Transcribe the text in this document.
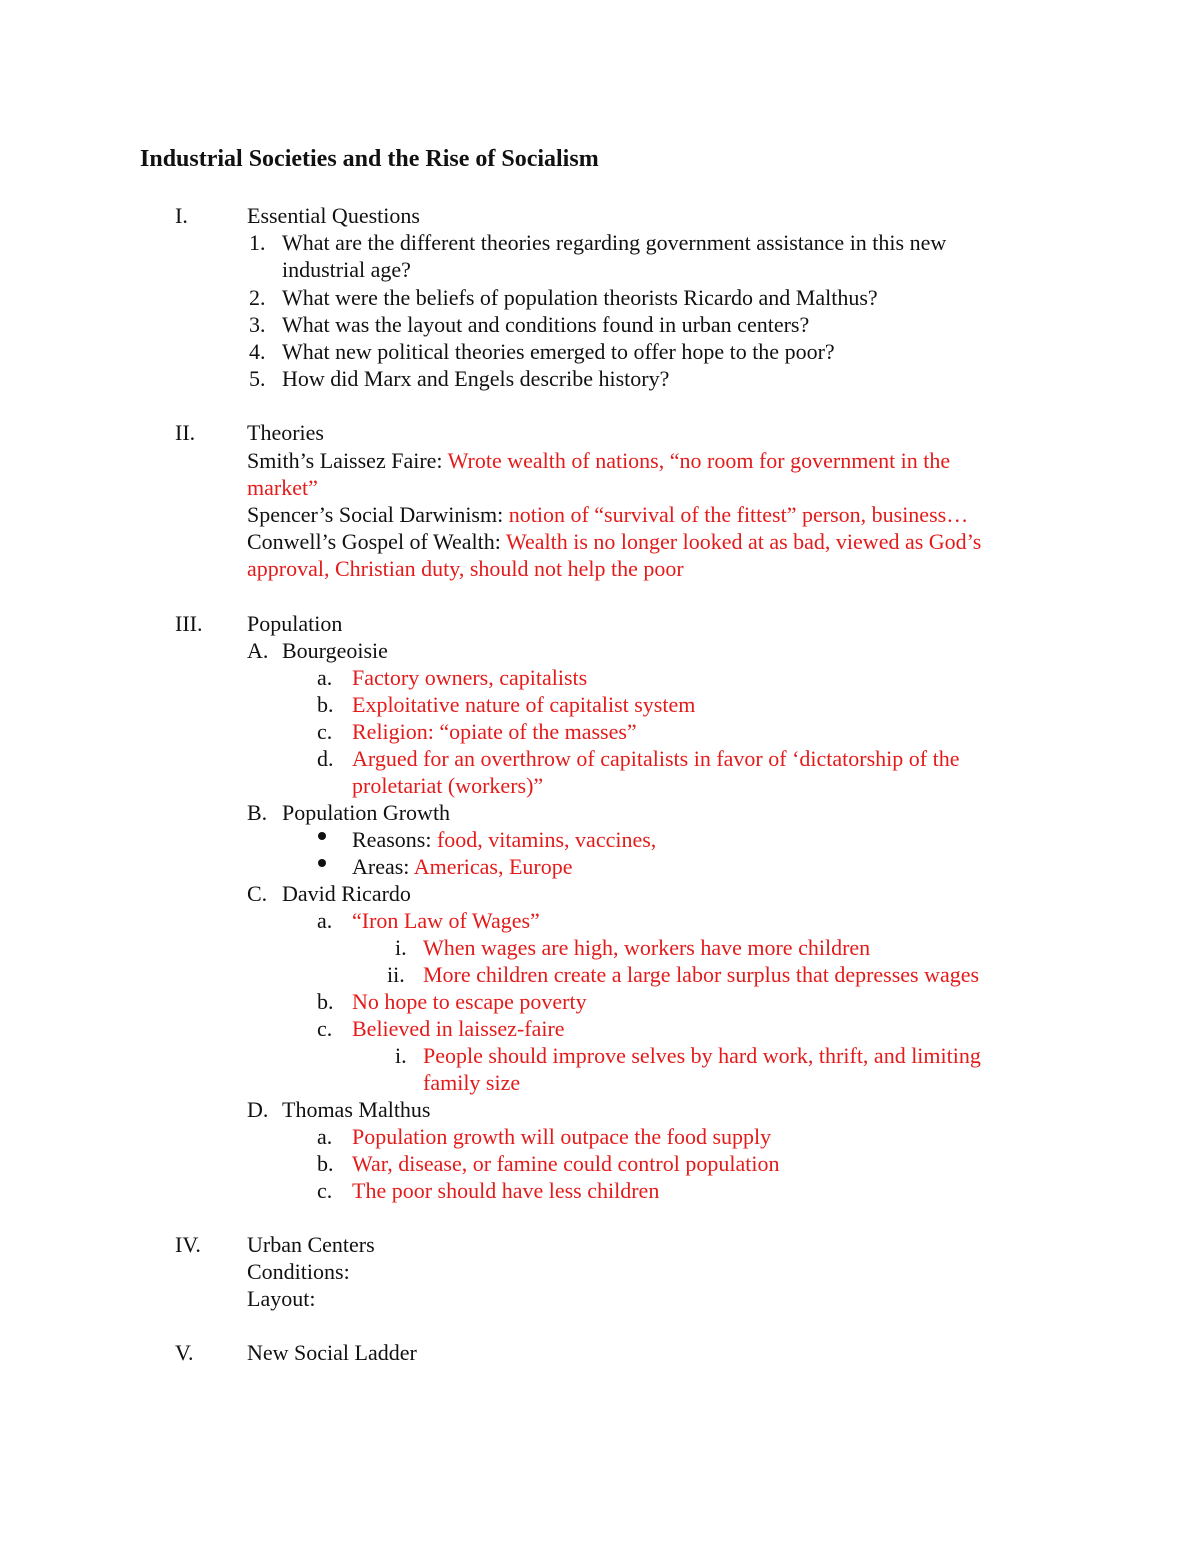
Industrial Societies and the Rise of Socialism
I.	Essential Questions
1. What are the different theories regarding government assistance in this new
industrial age?
2. What were the beliefs of population theorists Ricardo and Malthus?
3. What was the layout and conditions found in urban centers?
4. What new political theories emerged to offer hope to the poor?
5. How did Marx and Engels describe history?
II. Theories
Smith’s Laissez Faire: Wrote wealth of nations, “no room for government in the
market”
Spencer’s Social Darwinism: notion of “survival of the fittest” person, business…
Conwell’s Gospel of Wealth: Wealth is no longer looked at as bad, viewed as God’s
approval, Christian duty, should not help the poor
III. Population
A. Bourgeoisie
a. Factory owners, capitalists
b. Exploitative nature of capitalist system
c. Religion: “opiate of the masses”
d. Argued for an overthrow of capitalists in favor of ‘dictatorship of the
proletariat (workers)”
B. Population Growth
Reasons: food, vitamins, vaccines,
Areas: Americas, Europe
C. David Ricardo
a. “Iron Law of Wages”
i. When wages are high, workers have more children
ii. More children create a large labor surplus that depresses wages
b. No hope to escape poverty
c. Believed in laissez-faire
i. People should improve selves by hard work, thrift, and limiting
family size
D. Thomas Malthus
a. Population growth will outpace the food supply
b. War, disease, or famine could control population
c. The poor should have less children
IV. Urban Centers
Conditions:
Layout:
V. New Social Ladder
